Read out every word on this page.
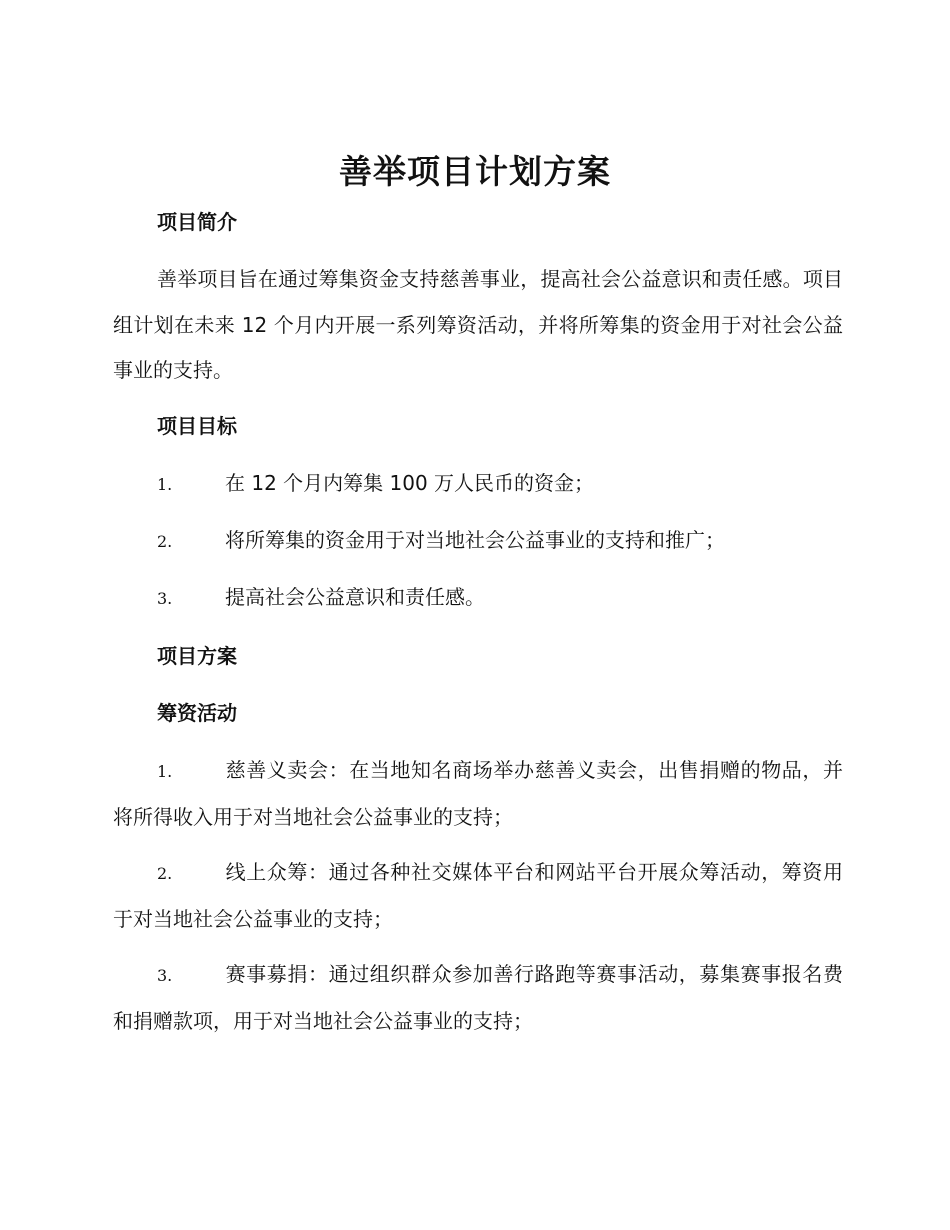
善举项目计划方案
项目简介
善举项目旨在通过筹集资金支持慈善事业，提高社会公益意识和责任感。项目组计划在未来 12 个月内开展一系列筹资活动，并将所筹集的资金用于对社会公益事业的支持。
项目目标
1.	在 12 个月内筹集 100 万人民币的资金；
2.	将所筹集的资金用于对当地社会公益事业的支持和推广；
3.	提高社会公益意识和责任感。
项目方案
筹资活动
1.	慈善义卖会：在当地知名商场举办慈善义卖会，出售捐赠的物品，并将所得收入用于对当地社会公益事业的支持；
2.	线上众筹：通过各种社交媒体平台和网站平台开展众筹活动，筹资用于对当地社会公益事业的支持；
3.	赛事募捐：通过组织群众参加善行路跑等赛事活动，募集赛事报名费和捐赠款项，用于对当地社会公益事业的支持；
